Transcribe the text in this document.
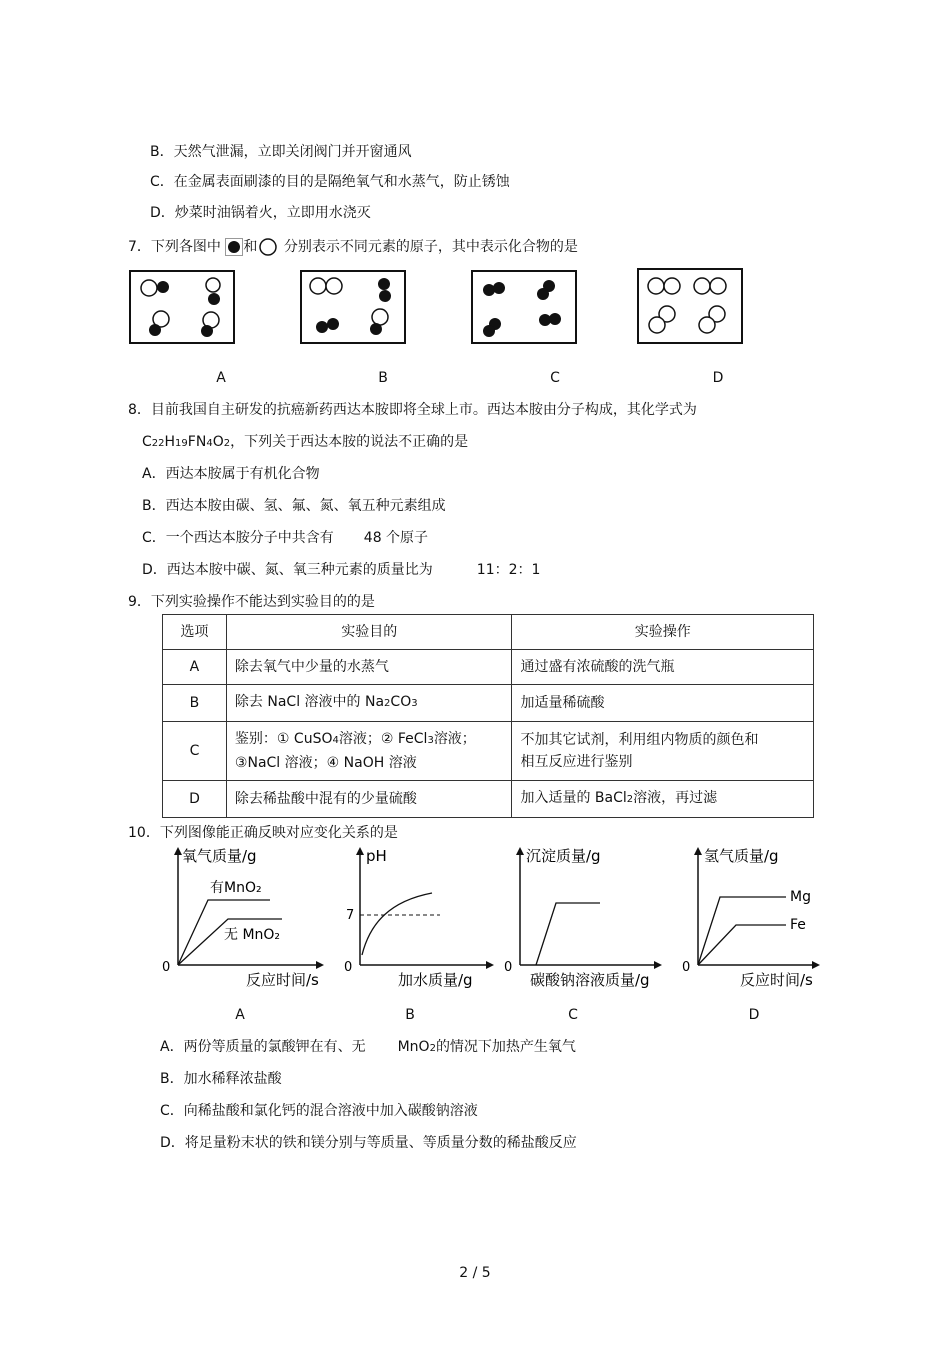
B．天然气泄漏，立即关闭阀门并开窗通风
C．在金属表面刷漆的目的是隔绝氧气和水蒸气，防止锈蚀
D．炒菜时油锅着火，立即用水浇灭
7．下列各图中 和 分别表示不同元素的原子，其中表示化合物的是
A	B	C	D
8．目前我国自主研发的抗癌新药西达本胺即将全球上市。西达本胺由分子构成，其化学式为
C22H19FN4O2，下列关于西达本胺的说法不正确的是
A．西达本胺属于有机化合物
B．西达本胺由碳、氢、氟、氮、氧五种元素组成
C．一个西达本胺分子中共含有 48 个原子
D．西达本胺中碳、氮、氧三种元素的质量比为	11：2：1
9．下列实验操作不能达到实验目的的是
选项	实验目的	实验操作
A	除去氧气中少量的水蒸气	通过盛有浓硫酸的洗气瓶
B	除去 NaCl 溶液中的 Na2CO3	加适量稀硫酸
C	鉴别：① CuSO4溶液；② FeCl3溶液；
③NaCl 溶液；④ NaOH 溶液	不加其它试剂，利用组内物质的颜色和
相互反应进行鉴别
D	除去稀盐酸中混有的少量硫酸	加入适量的 BaCl2溶液，再过滤
10．下列图像能正确反映对应变化关系的是
氧气质量/g
反应时间/s
0
有MnO₂
无 MnO₂
pH
加水质量/g
0
7
沉淀质量/g
碳酸钠溶液质量/g
0
氢气质量/g
反应时间/s
0
Mg
Fe
A	B	C	D
A．两份等质量的氯酸钾在有、无 MnO2的情况下加热产生氧气
B．加水稀释浓盐酸
C．向稀盐酸和氯化钙的混合溶液中加入碳酸钠溶液
D．将足量粉末状的铁和镁分别与等质量、等质量分数的稀盐酸反应
2 / 5
